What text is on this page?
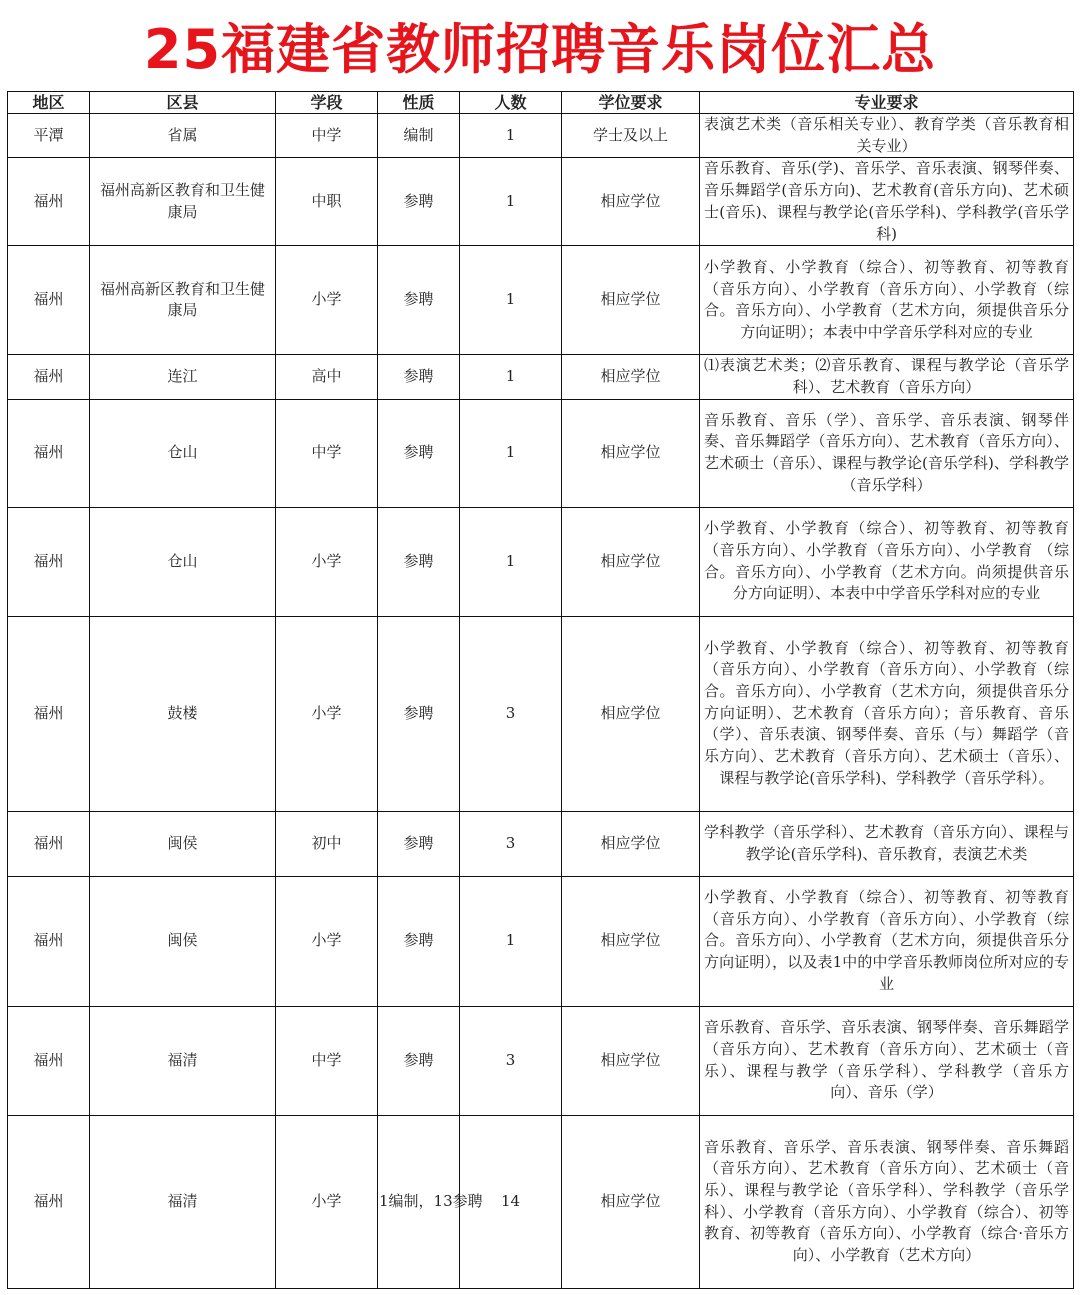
25福建省教师招聘音乐岗位汇总
地区	区县	学段	性质	人数	学位要求	专业要求
平潭	省属	中学	编制	1	学士及以上	表演艺术类（音乐相关专业）、教育学类（音乐教育相关专业）
福州	福州高新区教育和卫生健康局	中职	参聘	1	相应学位	音乐教育、音乐(学)、音乐学、音乐表演、钢琴伴奏、音乐舞蹈学(音乐方向)、艺术教育(音乐方向)、艺术硕士(音乐)、课程与教学论(音乐学科)、学科教学(音乐学科)
福州	福州高新区教育和卫生健康局	小学	参聘	1	相应学位	小学教育、小学教育（综合）、初等教育、初等教育（音乐方向）、小学教育（音乐方向）、小学教育（综合。音乐方向）、小学教育（艺术方向，须提供音乐分方向证明）；本表中中学音乐学科对应的专业
福州	连江	高中	参聘	1	相应学位	⑴表演艺术类；⑵音乐教育、课程与教学论（音乐学科）、艺术教育（音乐方向）
福州	仓山	中学	参聘	1	相应学位	音乐教育、音乐（学）、音乐学、音乐表演、钢琴伴奏、音乐舞蹈学（音乐方向）、艺术教育（音乐方向）、艺术硕士（音乐）、课程与教学论(音乐学科)、学科教学（音乐学科）
福州	仓山	小学	参聘	1	相应学位	小学教育、小学教育（综合）、初等教育、初等教育（音乐方向）、小学教育（音乐方向）、小学教育 （综合。音乐方向）、小学教育（艺术方向。尚须提供音乐分方向证明）、本表中中学音乐学科对应的专业
福州	鼓楼	小学	参聘	3	相应学位	小学教育、小学教育（综合）、初等教育、初等教育（音乐方向）、小学教育（音乐方向）、小学教育（综合。音乐方向）、小学教育（艺术方向，须提供音乐分方向证明）、艺术教育（音乐方向）；音乐教育、音乐（学）、音乐表演、钢琴伴奏、音乐（与）舞蹈学（音乐方向）、艺术教育（音乐方向）、艺术硕士（音乐）、课程与教学论(音乐学科)、学科教学（音乐学科）。
福州	闽侯	初中	参聘	3	相应学位	学科教学（音乐学科）、艺术教育（音乐方向）、课程与教学论(音乐学科)、音乐教育，表演艺术类
福州	闽侯	小学	参聘	1	相应学位	小学教育、小学教育（综合）、初等教育、初等教育（音乐方向）、小学教育（音乐方向）、小学教育（综合。音乐方向）、小学教育（艺术方向，须提供音乐分方向证明），以及表1中的中学音乐教师岗位所对应的专业
福州	福清	中学	参聘	3	相应学位	音乐教育、音乐学、音乐表演、钢琴伴奏、音乐舞蹈学（音乐方向）、艺术教育（音乐方向）、艺术硕士（音乐）、课程与教学（音乐学科）、学科教学（音乐方向）、音乐（学）
福州	福清	小学	1编制，13参聘	14	相应学位	音乐教育、音乐学、音乐表演、钢琴伴奏、音乐舞蹈（音乐方向）、艺术教育（音乐方向）、艺术硕士（音乐）、课程与教学论（音乐学科）、学科教学（音乐学科）、小学教育（音乐方向）、小学教育（综合）、初等教育、初等教育（音乐方向）、小学教育（综合·音乐方向）、小学教育（艺术方向）
